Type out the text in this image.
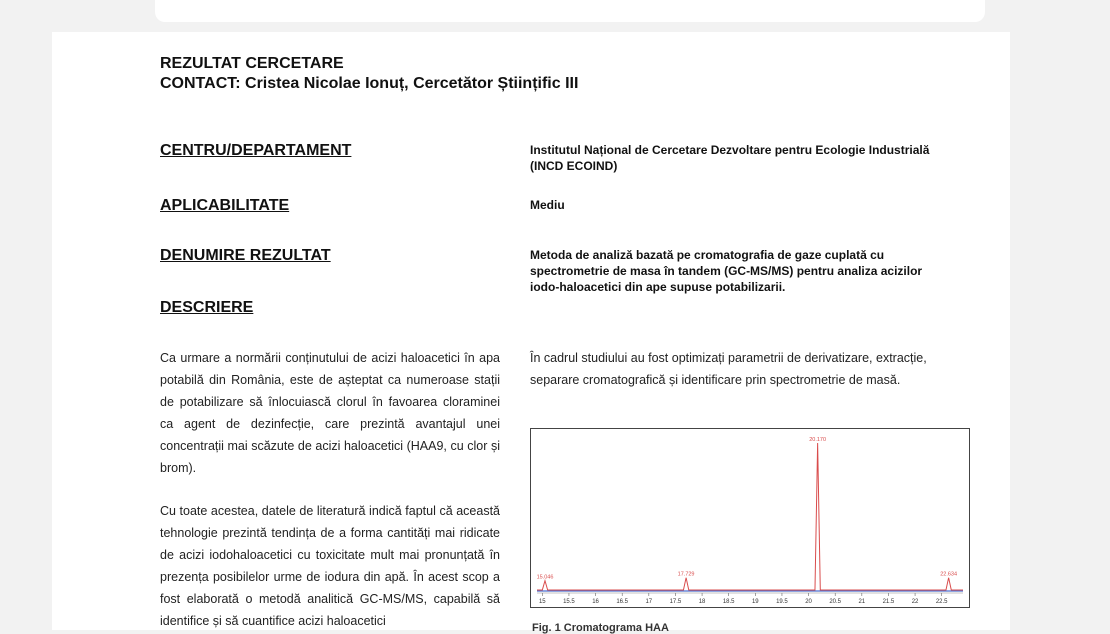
REZULTAT CERCETARE
CONTACT: Cristea Nicolae Ionuț, Cercetător Științific III
CENTRU/DEPARTAMENT	Institutul Național de Cercetare Dezvoltare pentru Ecologie Industrială (INCD ECOIND)
APLICABILITATE	Mediu
DENUMIRE REZULTAT	Metoda de analiză bazată pe cromatografia de gaze cuplată cu spectrometrie de masa în tandem (GC-MS/MS) pentru analiza acizilor iodo-haloacetici din ape supuse potabilizarii.
DESCRIERE
Ca urmare a normării conținutului de acizi haloacetici în apa potabilă din România, este de așteptat ca numeroase stații de potabilizare să înlocuiască clorul în favoarea cloraminei ca agent de dezinfecție, care prezintă avantajul unei concentrații mai scăzute de acizi haloacetici (HAA9, cu clor și brom).
Cu toate acestea, datele de literatură indică faptul că această tehnologie prezintă tendința de a forma cantități mai ridicate de acizi iodohaloacetici cu toxicitate mult mai pronunțată în prezența posibilelor urme de iodura din apă. În acest scop a fost elaborată o metodă analitică GC-MS/MS, capabilă să identifice și să cuantifice acizi haloacetici
În cadrul studiului au fost optimizați parametrii de derivatizare, extracție, separare cromatografică și identificare prin spectrometrie de masă.
15.046	17.729
20.170
22.634
15	15.5	16	16.5	17	17.5	18	18.5	19	19.5	20	20.5	21	21.5	22	22.5
Fig. 1 Cromatograma HAA
